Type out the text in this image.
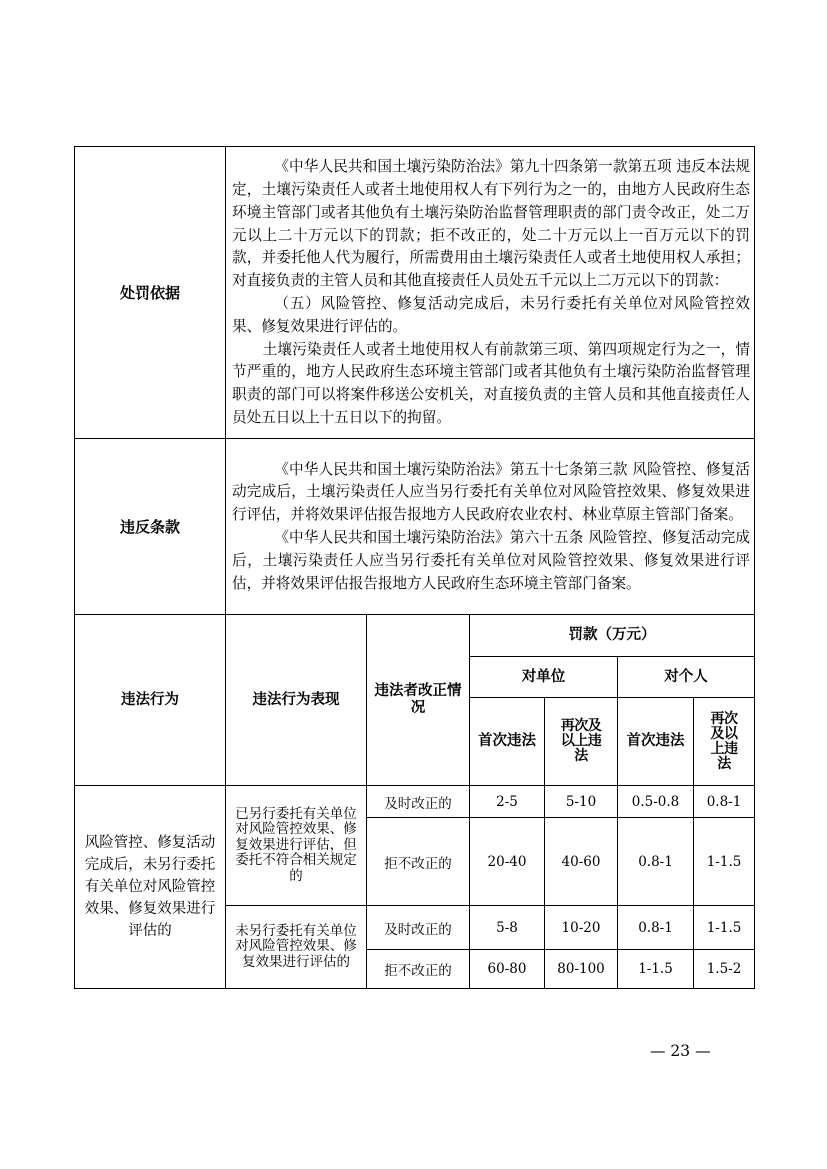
处罚依据	《中华人民共和国土壤污染防治法》第九十四条第一款第五项 违反本法规定，土壤污染责任人或者土地使用权人有下列行为之一的，由地方人民政府生态环境主管部门或者其他负有土壤污染防治监督管理职责的部门责令改正，处二万元以上二十万元以下的罚款；拒不改正的，处二十万元以上一百万元以下的罚款，并委托他人代为履行，所需费用由土壤污染责任人或者土地使用权人承担；对直接负责的主管人员和其他直接责任人员处五千元以上二万元以下的罚款：

（五）风险管控、修复活动完成后，未另行委托有关单位对风险管控效果、修复效果进行评估的。

土壤污染责任人或者土地使用权人有前款第三项、第四项规定行为之一，情节严重的，地方人民政府生态环境主管部门或者其他负有土壤污染防治监督管理职责的部门可以将案件移送公安机关，对直接负责的主管人员和其他直接责任人员处五日以上十五日以下的拘留。					

违反条款	《中华人民共和国土壤污染防治法》第五十七条第三款 风险管控、修复活动完成后，土壤污染责任人应当另行委托有关单位对风险管控效果、修复效果进行评估，并将效果评估报告报地方人民政府农业农村、林业草原主管部门备案。

《中华人民共和国土壤污染防治法》第六十五条 风险管控、修复活动完成后，土壤污染责任人应当另行委托有关单位对风险管控效果、修复效果进行评估，并将效果评估报告报地方人民政府生态环境主管部门备案。					

违法行为	违法行为表现	违法者改正情况	罚款（万元）			
			对单位		对个人	
			首次违法	再次及以上违法	首次违法	再次及以上违法
风险管控、修复活动完成后，未另行委托有关单位对风险管控效果、修复效果进行评估的	已另行委托有关单位对风险管控效果、修复效果进行评估，但委托不符合相关规定的	及时改正的	2-5	5-10	0.5-0.8	0.8-1
		拒不改正的	20-40	40-60	0.8-1	1-1.5
	未另行委托有关单位对风险管控效果、修复效果进行评估的	及时改正的	5-8	10-20	0.8-1	1-1.5
		拒不改正的	60-80	80-100	1-1.5	1.5-2
— 23 —
